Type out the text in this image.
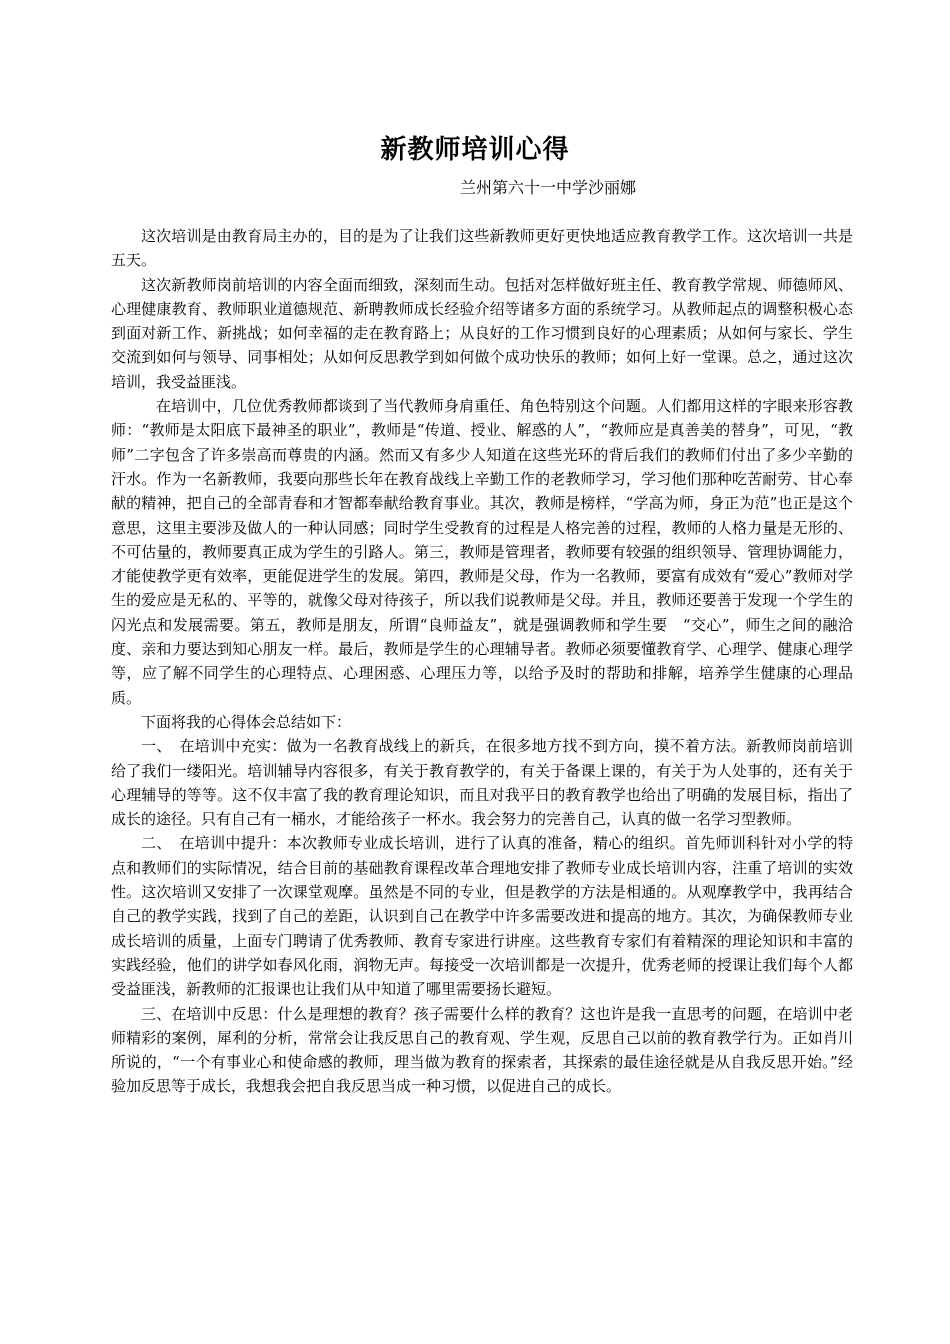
新教师培训心得

兰州第六十一中学沙丽娜

这次培训是由教育局主办的，目的是为了让我们这些新教师更好更快地适应教育教学工作。这次培训一共是五天。

这次新教师岗前培训的内容全面而细致，深刻而生动。包括对怎样做好班主任、教育教学常规、师德师风、心理健康教育、教师职业道德规范、新聘教师成长经验介绍等诸多方面的系统学习。从教师起点的调整积极心态到面对新工作、新挑战；如何幸福的走在教育路上；从良好的工作习惯到良好的心理素质；从如何与家长、学生交流到如何与领导、同事相处；从如何反思教学到如何做个成功快乐的教师；如何上好一堂课。总之，通过这次培训，我受益匪浅。

在培训中，几位优秀教师都谈到了当代教师身肩重任、角色特别这个问题。人们都用这样的字眼来形容教师：“教师是太阳底下最神圣的职业”，教师是“传道、授业、解惑的人”，“教师应是真善美的替身”，可见，“教师”二字包含了许多崇高而尊贵的内涵。然而又有多少人知道在这些光环的背后我们的教师们付出了多少辛勤的汗水。作为一名新教师，我要向那些长年在教育战线上辛勤工作的老教师学习，学习他们那种吃苦耐劳、甘心奉献的精神，把自己的全部青春和才智都奉献给教育事业。其次，教师是榜样，“学高为师，身正为范”也正是这个意思，这里主要涉及做人的一种认同感；同时学生受教育的过程是人格完善的过程，教师的人格力量是无形的、不可估量的，教师要真正成为学生的引路人。第三，教师是管理者，教师要有较强的组织领导、管理协调能力，才能使教学更有效率，更能促进学生的发展。第四，教师是父母，作为一名教师，要富有成效有“爱心”教师对学生的爱应是无私的、平等的，就像父母对待孩子，所以我们说教师是父母。并且，教师还要善于发现一个学生的闪光点和发展需要。第五，教师是朋友，所谓“良师益友”，就是强调教师和学生要　“交心”，师生之间的融洽度、亲和力要达到知心朋友一样。最后，教师是学生的心理辅导者。教师必须要懂教育学、心理学、健康心理学等，应了解不同学生的心理特点、心理困惑、心理压力等，以给予及时的帮助和排解，培养学生健康的心理品质。

下面将我的心得体会总结如下：

一、　在培训中充实：做为一名教育战线上的新兵，在很多地方找不到方向，摸不着方法。新教师岗前培训给了我们一缕阳光。培训辅导内容很多，有关于教育教学的，有关于备课上课的，有关于为人处事的，还有关于心理辅导的等等。这不仅丰富了我的教育理论知识，而且对我平日的教育教学也给出了明确的发展目标，指出了成长的途径。只有自己有一桶水，才能给孩子一杯水。我会努力的完善自己，认真的做一名学习型教师。

二、　在培训中提升：本次教师专业成长培训，进行了认真的准备，精心的组织。首先师训科针对小学的特点和教师们的实际情况，结合目前的基础教育课程改革合理地安排了教师专业成长培训内容，注重了培训的实效性。这次培训又安排了一次课堂观摩。虽然是不同的专业，但是教学的方法是相通的。从观摩教学中，我再结合自己的教学实践，找到了自己的差距，认识到自己在教学中许多需要改进和提高的地方。其次，为确保教师专业成长培训的质量，上面专门聘请了优秀教师、教育专家进行讲座。这些教育专家们有着精深的理论知识和丰富的实践经验，他们的讲学如春风化雨，润物无声。每接受一次培训都是一次提升，优秀老师的授课让我们每个人都受益匪浅，新教师的汇报课也让我们从中知道了哪里需要扬长避短。

三、在培训中反思：什么是理想的教育？孩子需要什么样的教育？这也许是我一直思考的问题，在培训中老师精彩的案例，犀利的分析，常常会让我反思自己的教育观、学生观，反思自己以前的教育教学行为。正如肖川所说的，“一个有事业心和使命感的教师，理当做为教育的探索者，其探索的最佳途径就是从自我反思开始。”经验加反思等于成长，我想我会把自我反思当成一种习惯，以促进自己的成长。
